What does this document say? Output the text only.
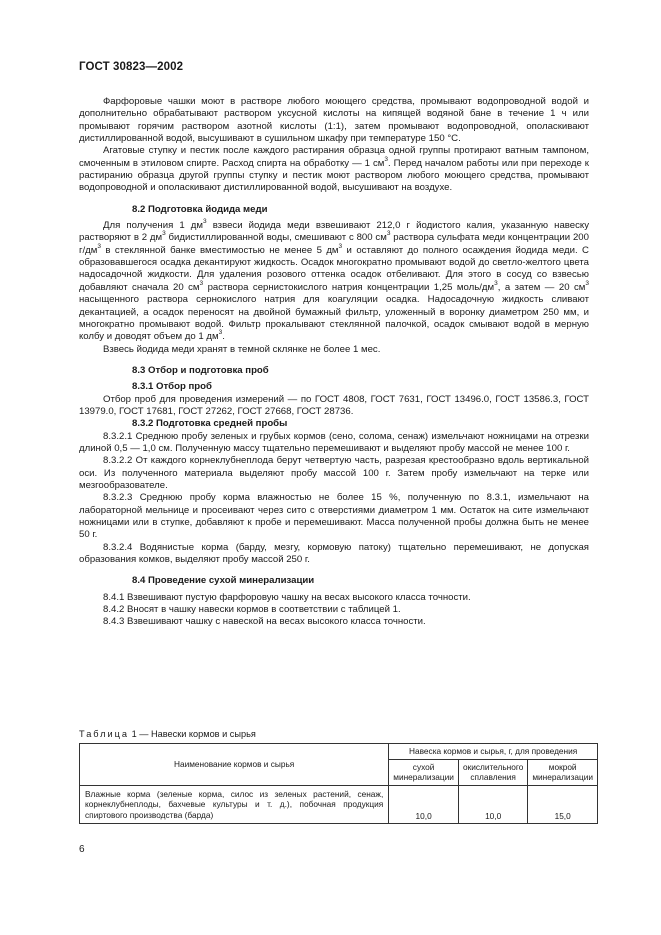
ГОСТ 30823—2002

Фарфоровые чашки моют в растворе любого моющего средства, промывают водопроводной водой и дополнительно обрабатывают раствором уксусной кислоты на кипящей водяной бане в течение 1 ч или промывают горячим раствором азотной кислоты (1:1), затем промывают водопроводной, ополаскивают дистиллированной водой, высушивают в сушильном шкафу при температуре 150 °С.

Агатовые ступку и пестик после каждого растирания образца одной группы протирают ватным тампоном, смоченным в этиловом спирте. Расход спирта на обработку — 1 $см^3$. Перед началом работы или при переходе к растиранию образца другой группы ступку и пестик моют раствором любого моющего средства, промывают водопроводной и ополаскивают дистиллированной водой, высушивают на воздухе.

8.2 Подготовка йодида меди

Для получения 1 $дм^3$ взвеси йодида меди взвешивают 212,0 г йодистого калия, указанную навеску растворяют в 2 $дм^3$ бидистиллированной воды, смешивают с 800 $см^3$ раствора сульфата меди концентрации 200 $г/дм^3$ в стеклянной банке вместимостью не менее 5 $дм^3$ и оставляют до полного осаждения йодида меди. С образовавшегося осадка декантируют жидкость. Осадок многократно промывают водой до светло-желтого цвета надосадочной жидкости. Для удаления розового оттенка осадок отбеливают. Для этого в сосуд со взвесью добавляют сначала 20 $см^3$ раствора сернистокислого натрия концентрации 1,25 моль/$дм^3$, а затем — 20 $см^3$ насыщенного раствора сернокислого натрия для коагуляции осадка. Надосадочную жидкость сливают декантацией, а осадок переносят на двойной бумажный фильтр, уложенный в воронку диаметром 250 мм, и многократно промывают водой. Фильтр прокалывают стеклянной палочкой, осадок смывают водой в мерную колбу и доводят объем до 1 $дм^3$.

Взвесь йодида меди хранят в темной склянке не более 1 мес.

8.3 Отбор и подготовка проб

8.3.1 Отбор проб

Отбор проб для проведения измерений — по ГОСТ 4808, ГОСТ 7631, ГОСТ 13496.0, ГОСТ 13586.3, ГОСТ 13979.0, ГОСТ 17681, ГОСТ 27262, ГОСТ 27668, ГОСТ 28736.

8.3.2 Подготовка средней пробы

8.3.2.1 Среднюю пробу зеленых и грубых кормов (сено, солома, сенаж) измельчают ножницами на отрезки длиной 0,5 — 1,0 см. Полученную массу тщательно перемешивают и выделяют пробу массой не менее 100 г.

8.3.2.2 От каждого корнеклубнеплода берут четвертую часть, разрезая крестообразно вдоль вертикальной оси. Из полученного материала выделяют пробу массой 100 г. Затем пробу измельчают на терке или мезгообразователе.

8.3.2.3 Среднюю пробу корма влажностью не более 15 %, полученную по 8.3.1, измельчают на лабораторной мельнице и просеивают через сито с отверстиями диаметром 1 мм. Остаток на сите измельчают ножницами или в ступке, добавляют к пробе и перемешивают. Масса полученной пробы должна быть не менее 50 г.

8.3.2.4 Водянистые корма (барду, мезгу, кормовую патоку) тщательно перемешивают, не допуская образования комков, выделяют пробу массой 250 г.

8.4 Проведение сухой минерализации

8.4.1 Взвешивают пустую фарфоровую чашку на весах высокого класса точности.

8.4.2 Вносят в чашку навески кормов в соответствии с таблицей 1.

8.4.3 Взвешивают чашку с навеской на весах высокого класса точности.

Таблица 1 — Навески кормов и сырья
Наименование кормов и сырья	Навеска кормов и сырья, г, для проведения		
	сухой минерализации	окислительного сплавления	мокрой минерализации
Влажные корма (зеленые корма, силос из зеленых растений, сенаж, корнеклубнеплоды, бахчевые культуры и т. д.), побочная продукция спиртового производства (барда)	10,0	10,0	15,0
6
